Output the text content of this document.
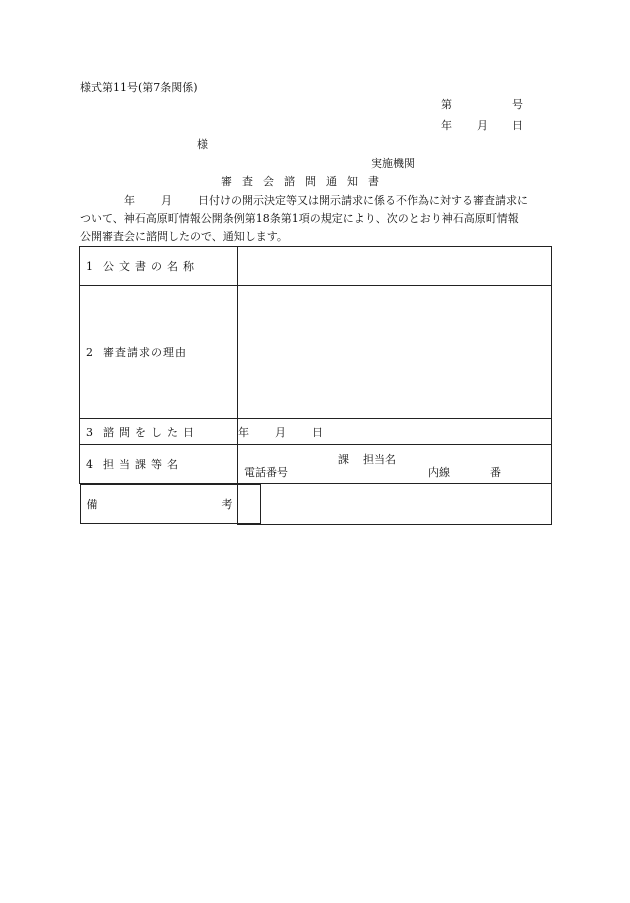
様式第11号(第7条関係)
第	号
年 月 日
様
実施機関
審査会諮問通知書
年 月 日付けの開示決定等又は開示請求に係る不作為に対する審査請求に
ついて、神石高原町情報公開条例第18条第1項の規定により、次のとおり神石高原町情報
公開審査会に諮問したので、通知します。
1 公文書の名称	
2 審査請求の理由	
3 諮問をした日	年 月 日
4 担当課等名	課 担当名
電話番号 内線 番

備	考
